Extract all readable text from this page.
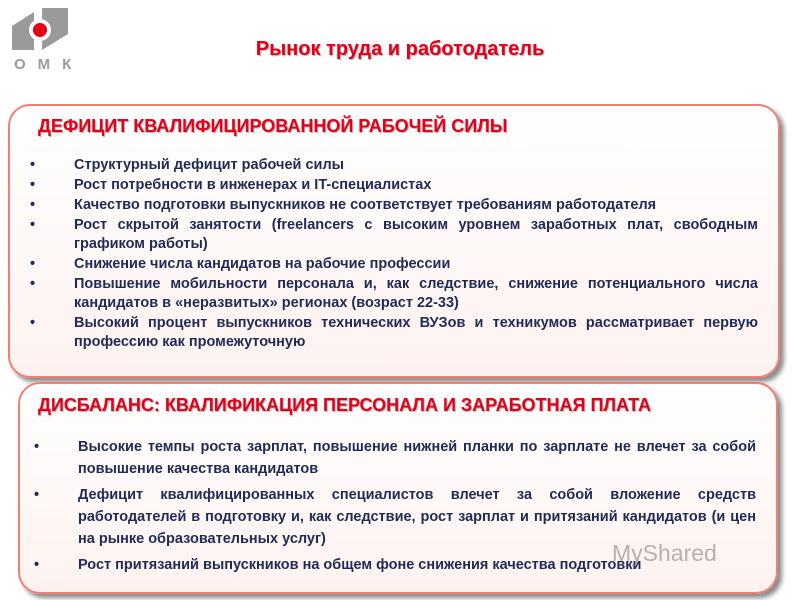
ОМК
Рынок труда и работодатель
ДЕФИЦИТ КВАЛИФИЦИРОВАННОЙ РАБОЧЕЙ СИЛЫ
• Структурный дефицит рабочей силы
• Рост потребности в инженерах и IT-специалистах
• Качество подготовки выпускников не соответствует требованиям работодателя
• Рост скрытой занятости (freelancers с высоким уровнем заработных плат, свободным графиком работы)
• Снижение числа кандидатов на рабочие профессии
• Повышение мобильности персонала и, как следствие, снижение потенциального числа кандидатов в «неразвитых» регионах (возраст 22-33)
• Высокий процент выпускников технических ВУЗов и техникумов рассматривает первую профессию как промежуточную
ДИСБАЛАНС: КВАЛИФИКАЦИЯ ПЕРСОНАЛА И ЗАРАБОТНАЯ ПЛАТА
• Высокие темпы роста зарплат, повышение нижней планки по зарплате не влечет за собой повышение качества кандидатов
• Дефицит квалифицированных специалистов влечет за собой вложение средств работодателей в подготовку и, как следствие, рост зарплат и притязаний кандидатов (и цен на рынке образовательных услуг)
• Рост притязаний выпускников на общем фоне снижения качества подготовки
MyShared
